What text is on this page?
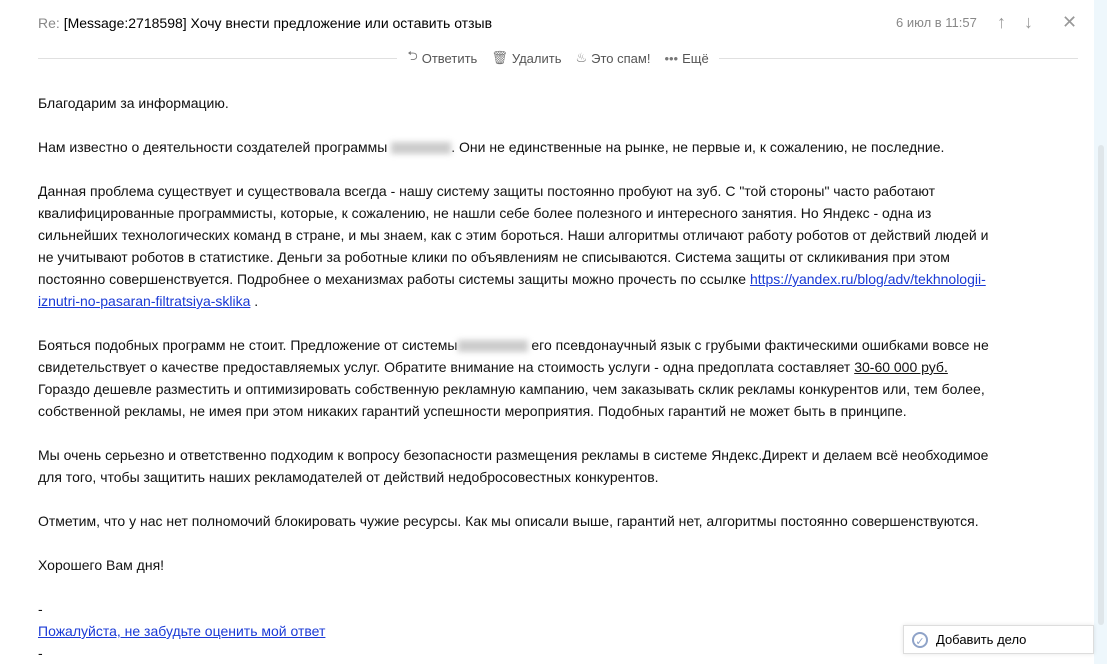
Re: [Message:2718598] Хочу внести предложение или оставить отзыв	6 июл в 11:57 ↑ ↓ ✕
⮌ Ответить 🗑 Удалить ♨ Это спам! ••• Ещё
Благодарим за информацию.
Нам известно о деятельности создателей программы	. Они не единственные на рынке, не первые и, к сожалению, не последние.
Данная проблема существует и существовала всегда - нашу систему защиты постоянно пробуют на зуб. С "той стороны" часто работают
квалифицированные программисты, которые, к сожалению, не нашли себе более полезного и интересного занятия. Но Яндекс - одна из
сильнейших технологических команд в стране, и мы знаем, как с этим бороться. Наши алгоритмы отличают работу роботов от действий людей и
не учитывают роботов в статистике. Деньги за роботные клики по объявлениям не списываются. Система защиты от скликивания при этом
постоянно совершенствуется. Подробнее о механизмах работы системы защиты можно прочесть по ссылке https://yandex.ru/blog/adv/tekhnologii-
iznutri-no-pasaran-filtratsiya-sklika .
Бояться подобных программ не стоит. Предложение от системы	его псевдонаучный язык с грубыми фактическими ошибками вовсе не
свидетельствует о качестве предоставляемых услуг. Обратите внимание на стоимость услуги - одна предоплата составляет 30-60 000 руб.
Гораздо дешевле разместить и оптимизировать собственную рекламную кампанию, чем заказывать склик рекламы конкурентов или, тем более,
собственной рекламы, не имея при этом никаких гарантий успешности мероприятия. Подобных гарантий не может быть в принципе.
Мы очень серьезно и ответственно подходим к вопросу безопасности размещения рекламы в системе Яндекс.Директ и делаем всё необходимое
для того, чтобы защитить наших рекламодателей от действий недобросовестных конкурентов.
Отметим, что у нас нет полномочий блокировать чужие ресурсы. Как мы описали выше, гарантий нет, алгоритмы постоянно совершенствуются.
Хорошего Вам дня!
-
Пожалуйста, не забудьте оценить мой ответ
-
✓ Добавить дело
